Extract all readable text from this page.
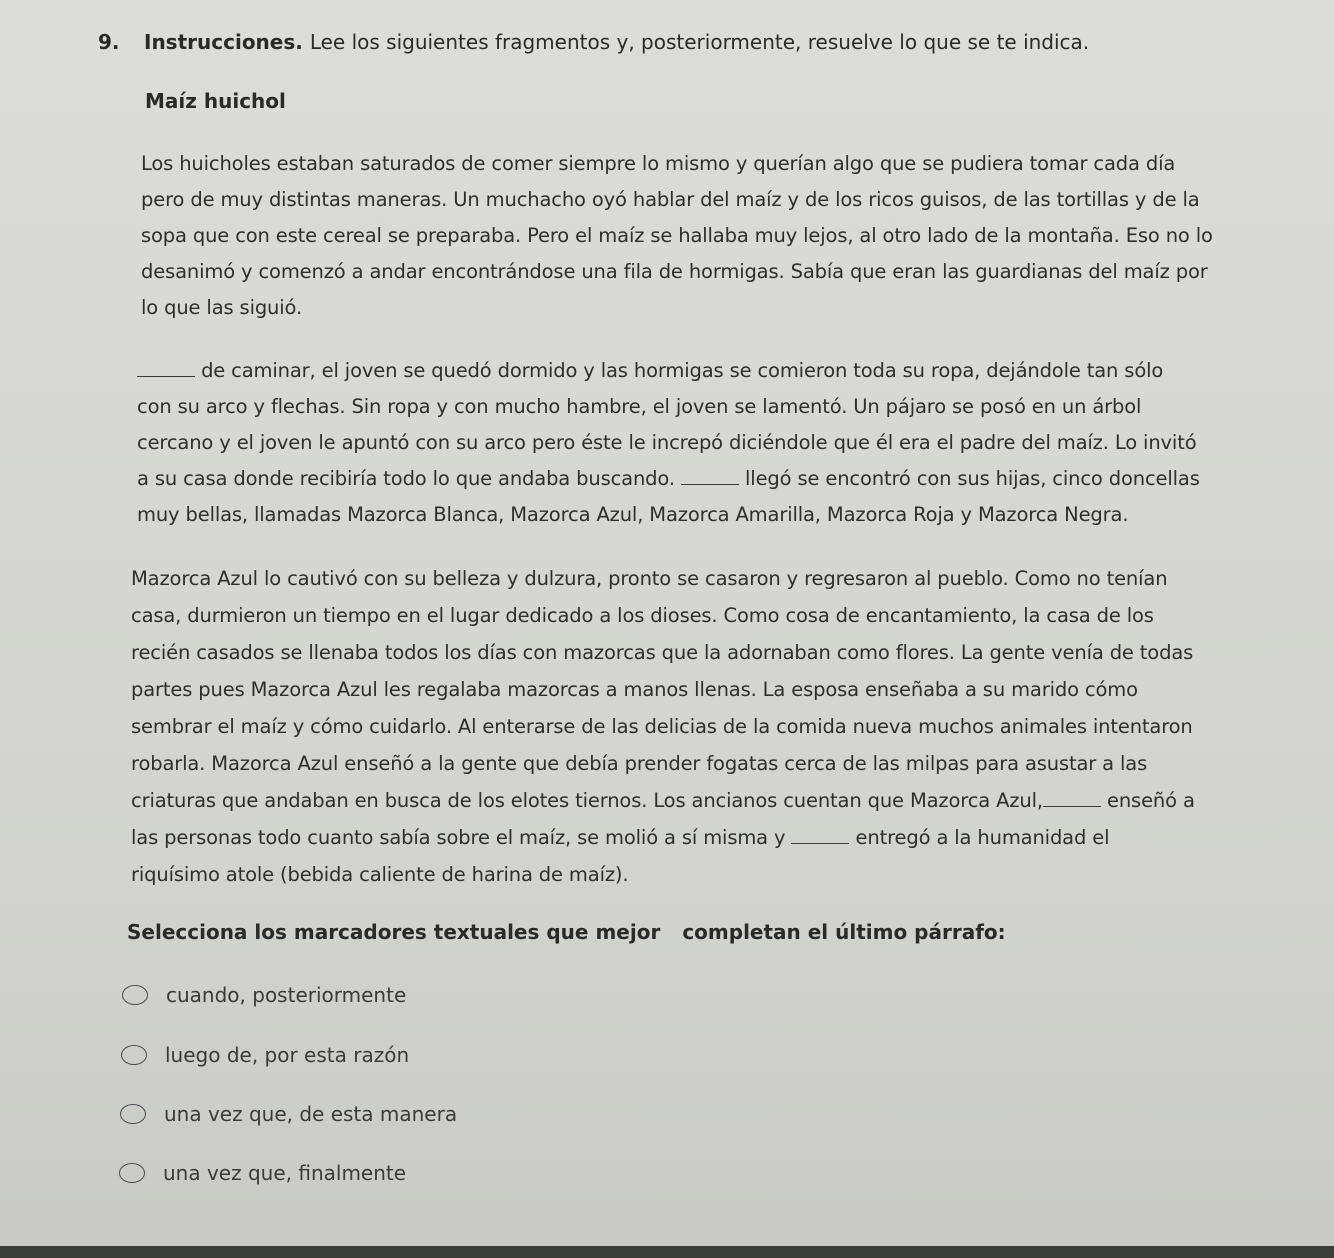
9. Instrucciones. Lee los siguientes fragmentos y, posteriormente, resuelve lo que se te indica.
Maíz huichol
Los huicholes estaban saturados de comer siempre lo mismo y querían algo que se pudiera tomar cada día
pero de muy distintas maneras. Un muchacho oyó hablar del maíz y de los ricos guisos, de las tortillas y de la
sopa que con este cereal se preparaba. Pero el maíz se hallaba muy lejos, al otro lado de la montaña. Eso no lo
desanimó y comenzó a andar encontrándose una fila de hormigas. Sabía que eran las guardianas del maíz por
lo que las siguió.
de caminar, el joven se quedó dormido y las hormigas se comieron toda su ropa, dejándole tan sólo
con su arco y flechas. Sin ropa y con mucho hambre, el joven se lamentó. Un pájaro se posó en un árbol
cercano y el joven le apuntó con su arco pero éste le increpó diciéndole que él era el padre del maíz. Lo invitó
a su casa donde recibiría todo lo que andaba buscando.	llegó se encontró con sus hijas, cinco doncellas
muy bellas, llamadas Mazorca Blanca, Mazorca Azul, Mazorca Amarilla, Mazorca Roja y Mazorca Negra.
Mazorca Azul lo cautivó con su belleza y dulzura, pronto se casaron y regresaron al pueblo. Como no tenían
casa, durmieron un tiempo en el lugar dedicado a los dioses. Como cosa de encantamiento, la casa de los
recién casados se llenaba todos los días con mazorcas que la adornaban como flores. La gente venía de todas
partes pues Mazorca Azul les regalaba mazorcas a manos llenas. La esposa enseñaba a su marido cómo
sembrar el maíz y cómo cuidarlo. Al enterarse de las delicias de la comida nueva muchos animales intentaron
robarla. Mazorca Azul enseñó a la gente que debía prender fogatas cerca de las milpas para asustar a las
criaturas que andaban en busca de los elotes tiernos. Los ancianos cuentan que Mazorca Azul,	enseñó a
las personas todo cuanto sabía sobre el maíz, se molió a sí misma y	entregó a la humanidad el
riquísimo atole (bebida caliente de harina de maíz).
Selecciona los marcadores textuales que mejor completan el último párrafo:
cuando, posteriormente
luego de, por esta razón
una vez que, de esta manera
una vez que, finalmente
